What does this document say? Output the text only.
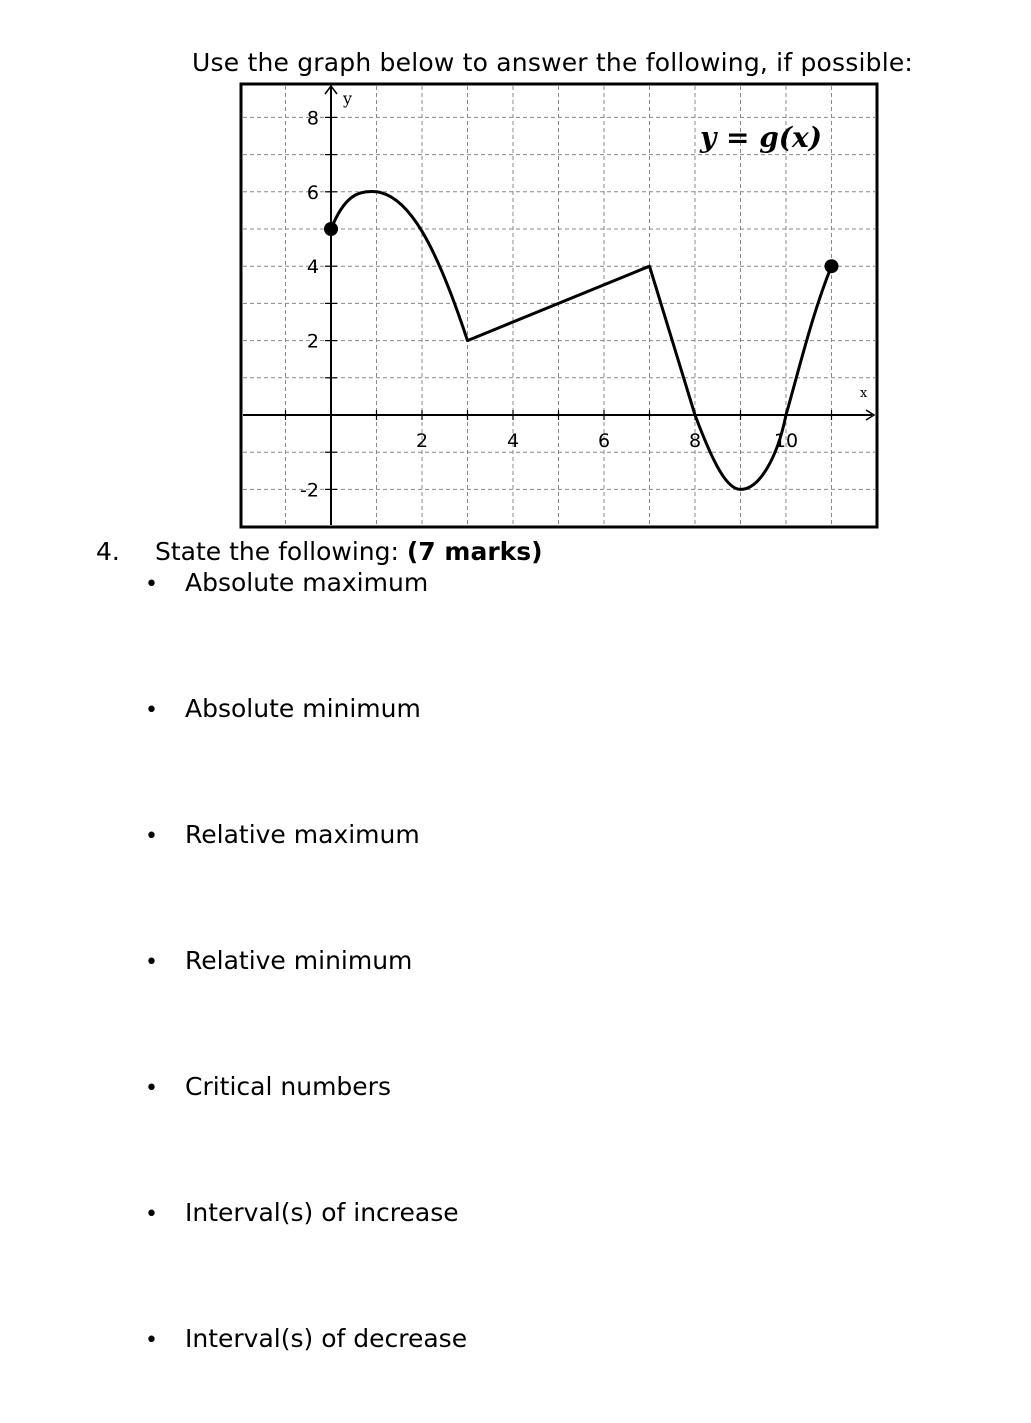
Use the graph below to answer the following, if possible:
2	4	6	8	10
8
6
4
2
-2
y = g(x)
y
x
4. State the following: (7 marks)
• Absolute maximum
• Absolute minimum
• Relative maximum
• Relative minimum
• Critical numbers
• Interval(s) of increase
• Interval(s) of decrease
